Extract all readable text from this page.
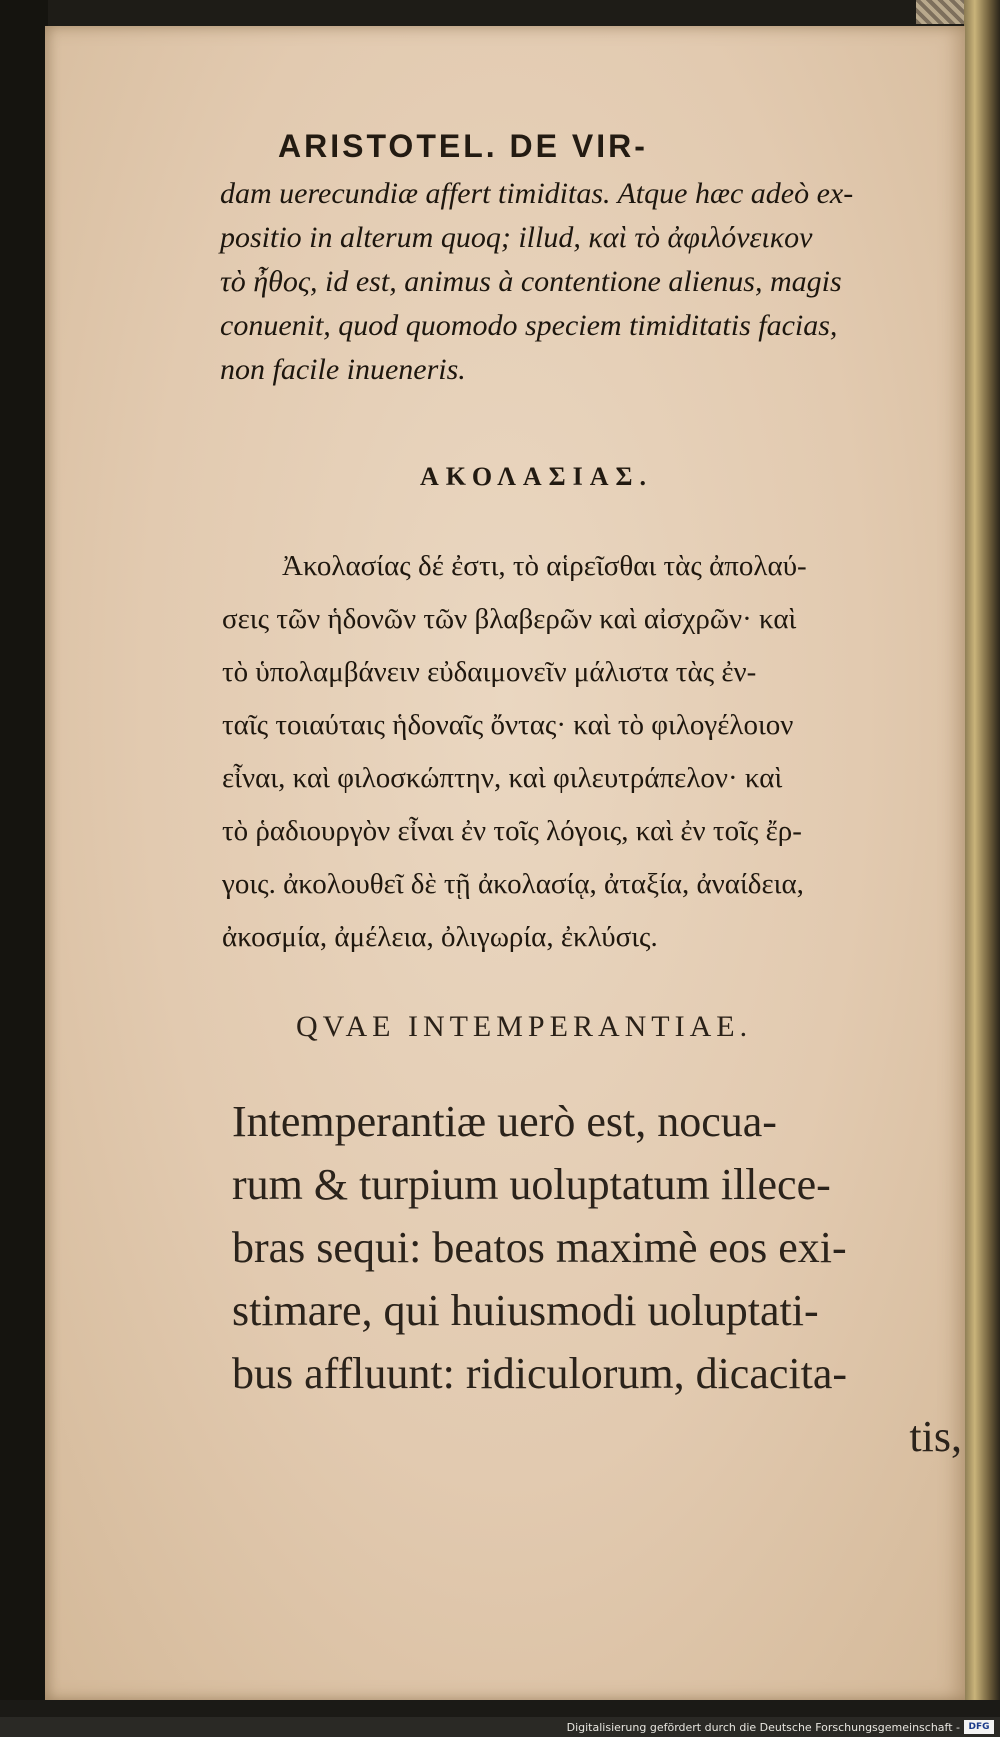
ARISTOTEL. DE VIR-
dam uerecundiæ affert timiditas. Atque hæc adeò ex-
positio in alterum quoq; illud, καὶ τὸ ἀφιλόνεικον
τὸ ἦθος, id est, animus à contentione alienus, magis
conuenit, quod quomodo speciem timiditatis facias,
non facile inueneris.
ΑΚΟΛΑΣΙΑΣ.
Ἀκολασίας δέ ἐστι, τὸ αἱρεῖσθαι τὰς ἀπολαύ-
σεις τῶν ἡδονῶν τῶν βλαβερῶν καὶ αἰσχρῶν· καὶ
τὸ ὑπολαμβάνειν εὐδαιμονεῖν μάλιστα τὰς ἐν-
ταῖς τοιαύταις ἡδοναῖς ὄντας· καὶ τὸ φιλογέλοιον
εἶναι, καὶ φιλοσκώπτην, καὶ φιλευτράπελον· καὶ
τὸ ῥαδιουργὸν εἶναι ἐν τοῖς λόγοις, καὶ ἐν τοῖς ἔρ-
γοις. ἀκολουθεῖ δὲ τῇ ἀκολασίᾳ, ἀταξία, ἀναίδεια,
ἀκοσμία, ἀμέλεια, ὀλιγωρία, ἐκλύσις.
QVAE INTEMPERANTIAE.
Intemperantiæ uerò est, nocua-
rum & turpium uoluptatum illece-
bras sequi: beatos maximè eos exi-
stimare, qui huiusmodi uoluptati-
bus affluunt: ridiculorum, dicacita-
tis,
Digitalisierung gefördert durch die Deutsche Forschungsgemeinschaft - DFG
